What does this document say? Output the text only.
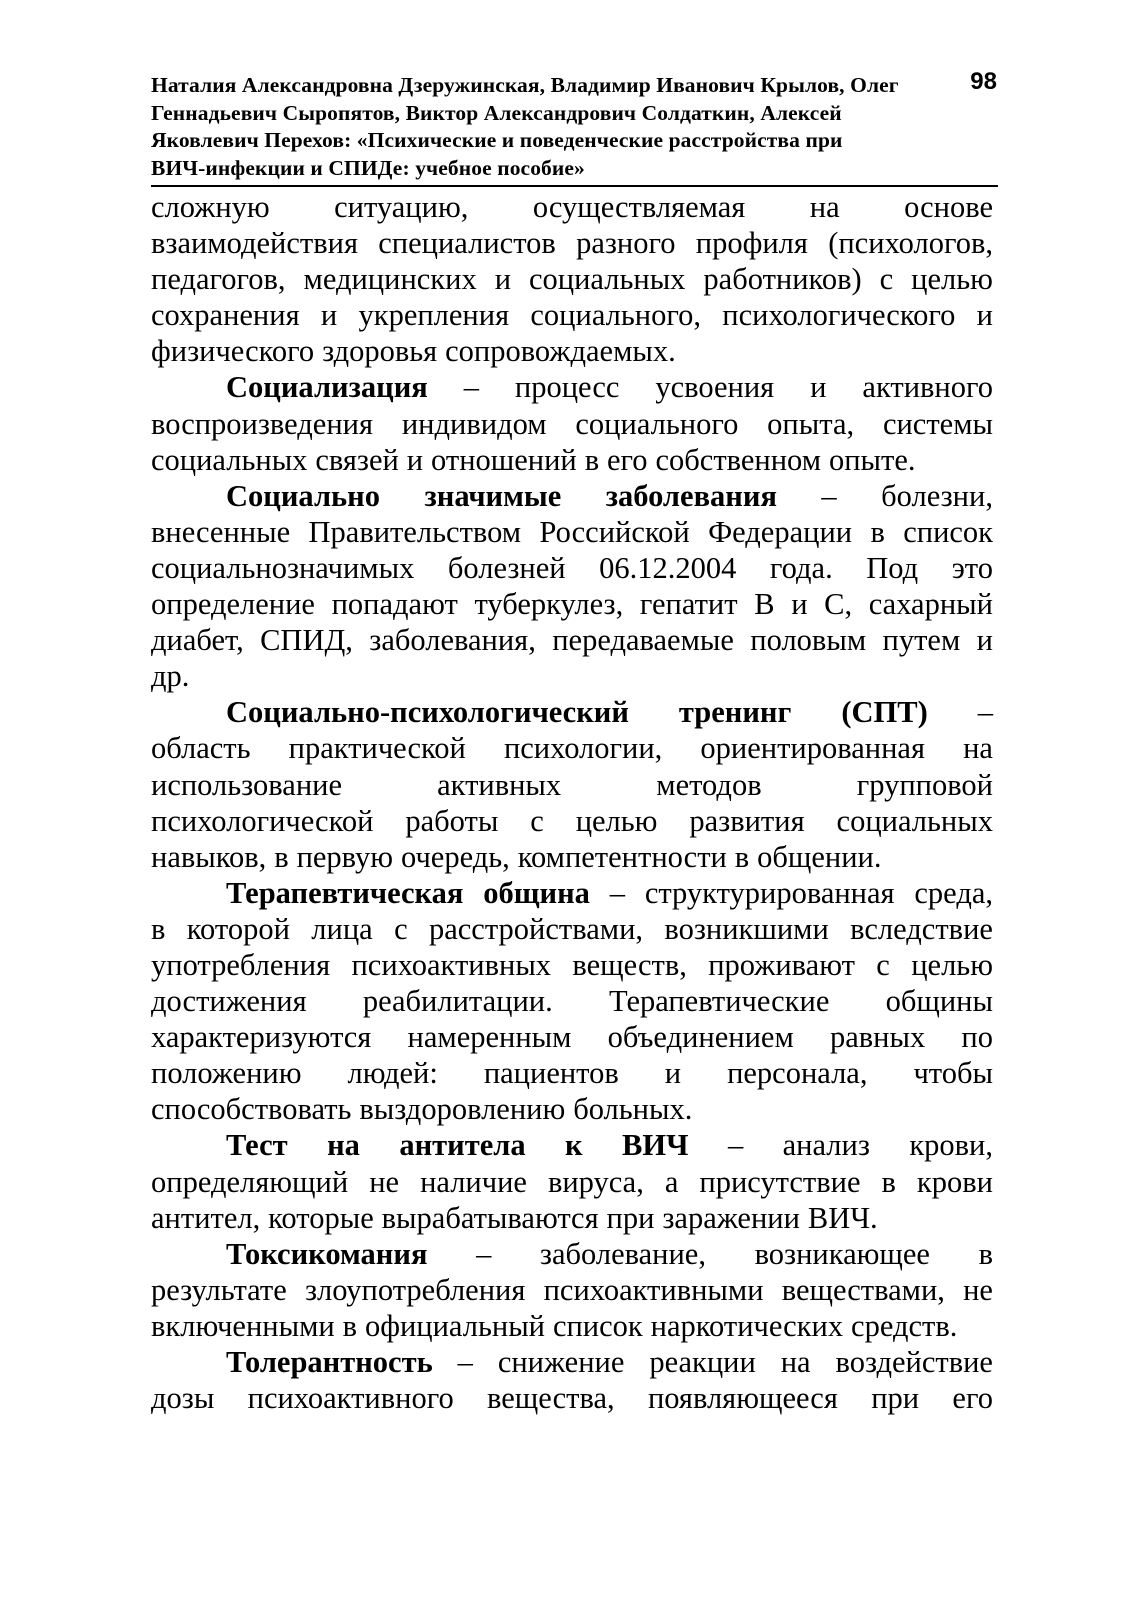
Наталия Александровна Дзеружинская, Владимир Иванович Крылов, Олег
Геннадьевич Сыропятов, Виктор Александрович Солдаткин, Алексей
Яковлевич Перехов: «Психические и поведенческие расстройства при
ВИЧ-инфекции и СПИДе: учебное пособие»
98
сложную ситуацию, осуществляемая на основе
взаимодействия специалистов разного профиля (психологов,
педагогов, медицинских и социальных работников) с целью
сохранения и укрепления социального, психологического и
физического здоровья сопровождаемых.
Социализация – процесс усвоения и активного
воспроизведения индивидом социального опыта, системы
социальных связей и отношений в его собственном опыте.
Социально значимые заболевания – болезни,
внесенные Правительством Российской Федерации в список
социальнозначимых болезней 06.12.2004 года. Под это
определение попадают туберкулез, гепатит В и С, сахарный
диабет, СПИД, заболевания, передаваемые половым путем и
др.
Социально-психологический тренинг (СПТ) –
область практической психологии, ориентированная на
использование	активных	методов	групповой
психологической работы с целью развития социальных
навыков, в первую очередь, компетентности в общении.
Терапевтическая община – структурированная среда,
в которой лица с расстройствами, возникшими вследствие
употребления психоактивных веществ, проживают с целью
достижения реабилитации. Терапевтические общины
характеризуются намеренным объединением равных по
положению людей: пациентов и персонала, чтобы
способствовать выздоровлению больных.
Тест на антитела к ВИЧ – анализ крови,
определяющий не наличие вируса, а присутствие в крови
антител, которые вырабатываются при заражении ВИЧ.
Токсикомания – заболевание, возникающее в
результате злоупотребления психоактивными веществами, не
включенными в официальный список наркотических средств.
Толерантность – снижение реакции на воздействие
дозы психоактивного вещества, появляющееся при его
